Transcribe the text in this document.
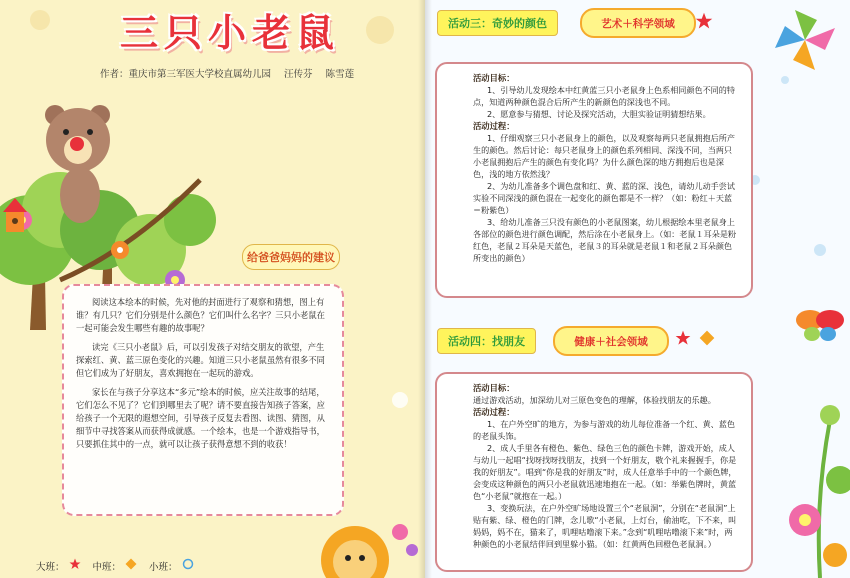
三只小老鼠
作者：重庆市第三军医大学校直属幼儿园 汪传芬 陈雪莲
给爸爸妈妈的建议

阅读这本绘本的时候，先对他的封面进行了观察和猜想，图上有谁？有几只？它们分别是什么颜色？它们叫什么名字？三只小老鼠在一起可能会发生哪些有趣的故事呢？

读完《三只小老鼠》后，可以引发孩子对结交朋友的欲望，产生探索红、黄、蓝三原色变化的兴趣。知道三只小老鼠虽然有很多不同但它们成为了好朋友，喜欢拥抱在一起玩的游戏。

家长在与孩子分享这本“多元”绘本的时候，应关注故事的结尾，它们怎么不见了？它们到哪里去了呢？请不要直接告知孩子答案，应给孩子一个无限的遐想空间，引导孩子反复去看图、读图、猜图，从细节中寻找答案从而获得成就感。一个绘本，也是一个游戏指导书，只要抓住其中的一点，就可以让孩子获得意想不到的收获！

大班：	中班：	小班：
活动三：奇妙的颜色	艺术＋科学领域

活动目标：

1、引导幼儿发现绘本中红黄蓝三只小老鼠身上色系相同颜色不同的特点，知道两种颜色混合后所产生的新颜色的深浅也不同。

2、愿意参与猜想、讨论及探究活动，大胆实验证明猜想结果。

活动过程：

1、仔细观察三只小老鼠身上的颜色，以及观察每两只老鼠拥抱后所产生的颜色。然后讨论：每只老鼠身上的颜色系列相同、深浅不同，当两只小老鼠拥抱后产生的颜色有变化吗？为什么颜色深的地方拥抱后也是深色，浅的地方依然浅？

2、为幼儿准备多个调色盘和红、黄、蓝的深、浅色，请幼儿动手尝试实验不同深浅的颜色混在一起变化的颜色都是不一样？（如：粉红＋天蓝＝粉紫色）

3、给幼儿准备三只没有颜色的小老鼠图案，幼儿根据绘本里老鼠身上各部位的颜色进行颜色调配，然后涂在小老鼠身上。（如：老鼠１耳朵是粉红色，老鼠２耳朵是天蓝色，老鼠３的耳朵就是老鼠１和老鼠２耳朵颜色所变出的颜色）

活动四：找朋友	健康＋社会领域

活动目标：

通过游戏活动，加深幼儿对三原色变色的理解，体验找朋友的乐趣。

活动过程：

1、在户外空旷的地方，为参与游戏的幼儿每位准备一个红、黄、蓝色的老鼠头饰。

2、成人手里各有橙色、紫色、绿色三色的颜色卡牌，游戏开始，成人与幼儿一起唱“找呀找呀找朋友，找到一个好朋友，敬个礼来握握手，你是我的好朋友”。唱到“你是我的好朋友”时，成人任意举手中的一个颜色牌，会变成这种颜色的两只小老鼠就迅速地抱在一起。（如：举紫色牌时，黄蓝色“小老鼠”就抱在一起。）

3、变换玩法，在户外空旷场地设置三个“老鼠洞”，分别在“老鼠洞”上贴有紫、绿、橙色的门牌，念儿歌“小老鼠，上灯台，偷油吃，下不来，叫妈妈，妈不在，猫来了，叽哩咕噜滚下来。”念到“叽哩咕噜滚下来”时，两种颜色的小老鼠结伴回到里躲小猫。（如：红黄两色回橙色老鼠洞。）
